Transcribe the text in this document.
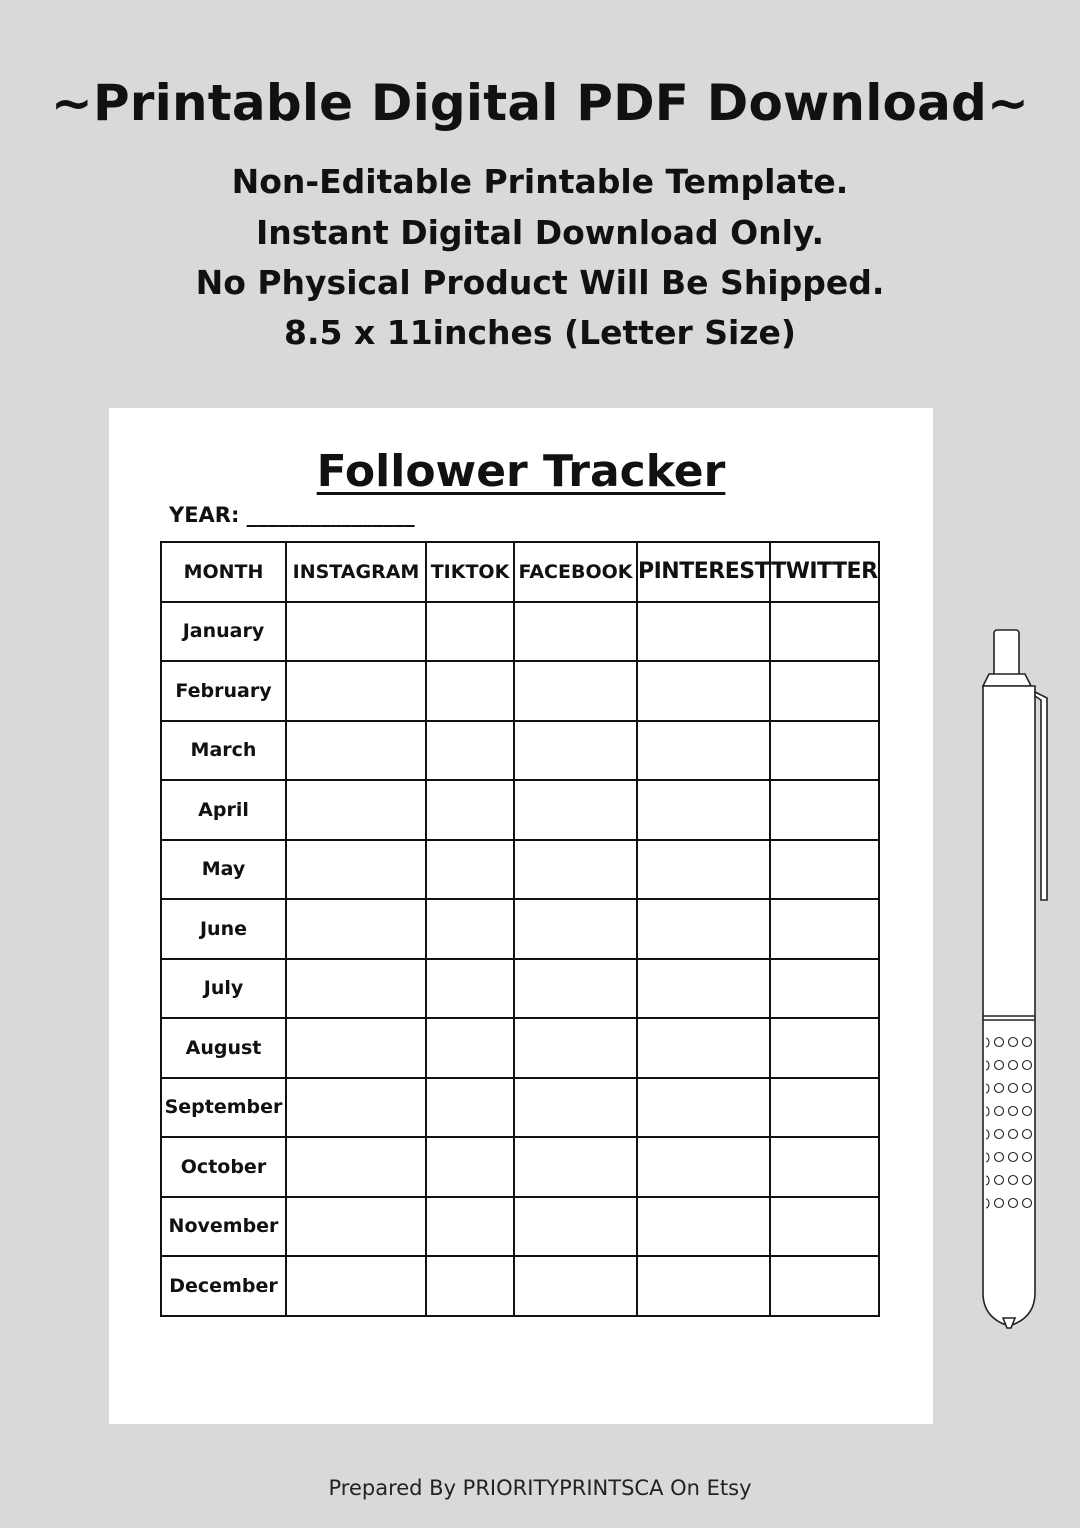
~Printable Digital PDF Download~
Non-Editable Printable Template.
Instant Digital Download Only.
No Physical Product Will Be Shipped.
8.5 x 11inches (Letter Size)
Follower Tracker
YEAR: ________________
MONTH	INSTAGRAM	TIKTOK	FACEBOOK	PINTEREST	TWITTER
January					
February					
March					
April					
May					
June					
July					
August					
September					
October					
November					
December					
Prepared By PRIORITYPRINTSCA On Etsy
